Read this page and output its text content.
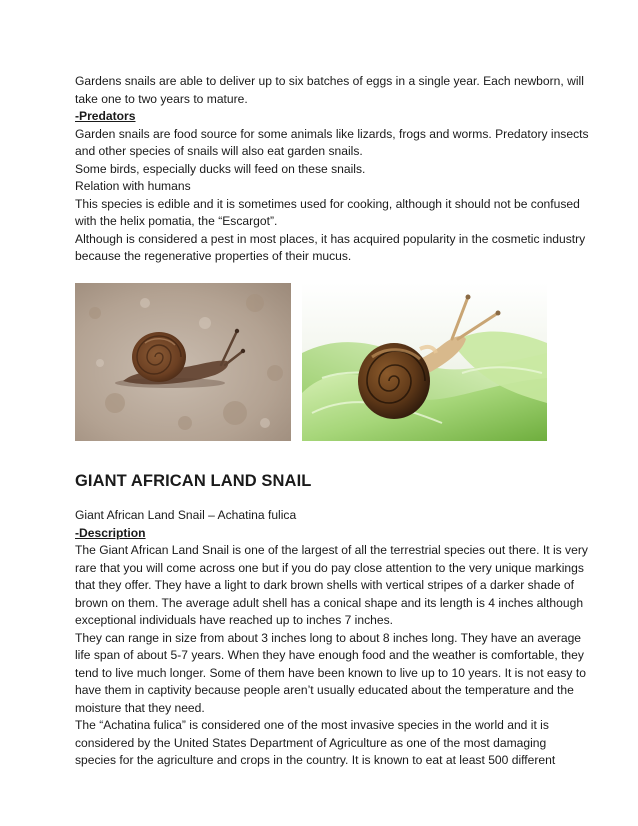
Gardens snails are able to deliver up to six batches of eggs in a single year. Each newborn, will
take one to two years to mature.
-Predators
Garden snails are food source for some animals like lizards, frogs and worms. Predatory insects
and other species of snails will also eat garden snails.
Some birds, especially ducks will feed on these snails.
Relation with humans
This species is edible and it is sometimes used for cooking, although it should not be confused
with the helix pomatia, the “Escargot”.
Although is considered a pest in most places, it has acquired popularity in the cosmetic industry
because the regenerative properties of their mucus.
GIANT AFRICAN LAND SNAIL
Giant African Land Snail – Achatina fulica
-Description
The Giant African Land Snail is one of the largest of all the terrestrial species out there. It is very
rare that you will come across one but if you do pay close attention to the very unique markings
that they offer. They have a light to dark brown shells with vertical stripes of a darker shade of
brown on them. The average adult shell has a conical shape and its length is 4 inches although
exceptional individuals have reached up to inches 7 inches.
They can range in size from about 3 inches long to about 8 inches long. They have an average
life span of about 5-7 years. When they have enough food and the weather is comfortable, they
tend to live much longer. Some of them have been known to live up to 10 years. It is not easy to
have them in captivity because people aren’t usually educated about the temperature and the
moisture that they need.
The “Achatina fulica” is considered one of the most invasive species in the world and it is
considered by the United States Department of Agriculture as one of the most damaging
species for the agriculture and crops in the country. It is known to eat at least 500 different
